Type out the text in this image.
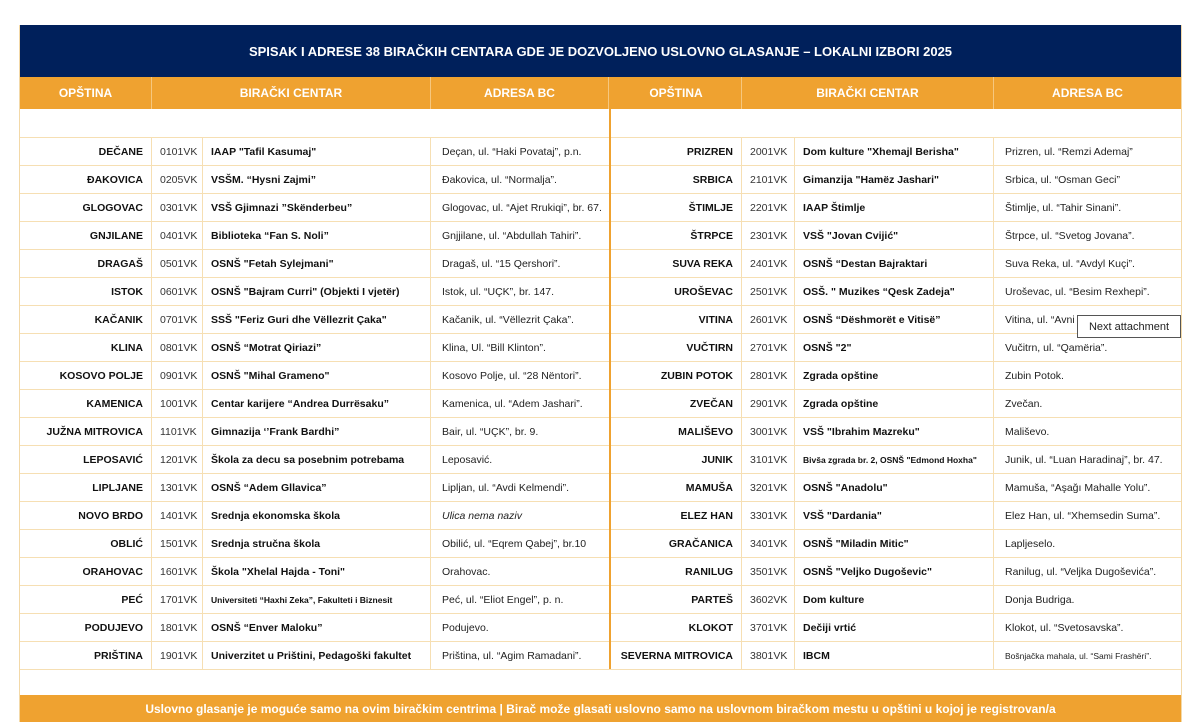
SPISAK I ADRESE 38 BIRAČKIH CENTARA GDE JE DOZVOLJENO USLOVNO GLASANJE – LOKALNI IZBORI 2025
OPŠTINA	BIRAČKI CENTAR	ADRESA BC	OPŠTINA	BIRAČKI CENTAR	ADRESA BC
DEČANE	0101VK	IAAP "Tafil Kasumaj"	Deçan, ul. “Haki Povataj”, p.n.
ĐAKOVICA	0205VK	VSŠM. “Hysni Zajmi”	Đakovica, ul. “Normalja”.
GLOGOVAC	0301VK	VSŠ Gjimnazi ”Skënderbeu”	Glogovac, ul. “Ajet Rrukiqi”, br. 67.
GNJILANE	0401VK	Biblioteka “Fan S. Noli”	Gnjjilane, ul. “Abdullah Tahiri”.
DRAGAŠ	0501VK	OSNŠ "Fetah Sylejmani"	Dragaš, ul. “15 Qershori”.
ISTOK	0601VK	OSNŠ "Bajram Curri" (Objekti I vjetër)	Istok, ul. “UÇK”, br. 147.
KAČANIK	0701VK	SSŠ "Feriz Guri dhe Vëllezrit Çaka"	Kačanik, ul. “Vëllezrit Çaka”.
KLINA	0801VK	OSNŠ “Motrat Qiriazi”	Klina, Ul. “Bill Klinton”.
KOSOVO POLJE	0901VK	OSNŠ "Mihal Grameno"	Kosovo Polje, ul. “28 Nëntori”.
KAMENICA	1001VK	Centar karijere “Andrea Durrësaku”	Kamenica, ul. “Adem Jashari”.
JUŽNA MITROVICA	1101VK	Gimnazija ‘’Frank Bardhi”	Bair, ul. “UÇK”, br. 9.
LEPOSAVIĆ	1201VK	Škola za decu sa posebnim potrebama	Leposavić.
LIPLJANE	1301VK	OSNŠ “Adem Gllavica”	Lipljan, ul. “Avdi Kelmendi”.
NOVO BRDO	1401VK	Srednja ekonomska škola	Ulica nema naziv
OBLIĆ	1501VK	Srednja stručna škola	Obilić, ul. “Eqrem Qabej”, br.10
ORAHOVAC	1601VK	Škola "Xhelal Hajda - Toni"	Orahovac.
PEĆ	1701VK	Universiteti “Haxhi Zeka”, Fakulteti i Biznesit	Peć, ul. “Eliot Engel”, p. n.
PODUJEVO	1801VK	OSNŠ “Enver Maloku”	Podujevo.
PRIŠTINA	1901VK	Univerzitet u Prištini, Pedagoški fakultet	Priština, ul. “Agim Ramadani”.
PRIZREN	2001VK	Dom kulture "Xhemajl Berisha"	Prizren, ul. “Remzi Ademaj”
SRBICA	2101VK	Gimanzija "Hamëz Jashari"	Srbica, ul. “Osman Geci”
ŠTIMLJE	2201VK	IAAP Štimlje	Štimlje, ul. “Tahir Sinani”.
ŠTRPCE	2301VK	VSŠ "Jovan Cvijić"	Štrpce, ul. “Svetog Jovana”.
SUVA REKA	2401VK	OSNŠ “Destan Bajraktari	Suva Reka, ul. “Avdyl Kuçi”.
UROŠEVAC	2501VK	OSŠ. " Muzikes “Qesk Zadeja"	Uroševac, ul. “Besim Rexhepi”.
VITINA	2601VK	OSNŠ “Dëshmorët e Vitisë”	Vitina, ul. “Avni
VUČTIRN	2701VK	OSNŠ "2"	Vučitrn, ul. “Qamëria”.
ZUBIN POTOK	2801VK	Zgrada opštine	Zubin Potok.
ZVEČAN	2901VK	Zgrada opštine	Zvečan.
MALIŠEVO	3001VK	VSŠ "Ibrahim Mazreku"	Mališevo.
JUNIK	3101VK	Bivša zgrada br. 2, OSNŠ "Edmond Hoxha"	Junik, ul. “Luan Haradinaj”, br. 47.
MAMUŠA	3201VK	OSNŠ "Anadolu"	Mamuša, “Aşağı Mahalle Yolu”.
ELEZ HAN	3301VK	VSŠ "Dardania"	Elez Han, ul. “Xhemsedin Suma”.
GRAČANICA	3401VK	OSNŠ "Miladin Mitic"	Lapljeselo.
RANILUG	3501VK	OSNŠ "Veljko Dugoševic"	Ranilug, ul. “Veljka Dugoševića”.
PARTEŠ	3602VK	Dom kulture	Donja Budriga.
KLOKOT	3701VK	Dečiji vrtić	Klokot, ul. “Svetosavska”.
SEVERNA MITROVICA	3801VK	IBCM	Bošnjačka mahala, ul. “Sami Frashëri”.
Uslovno glasanje je moguće samo na ovim biračkim centrima | Birač može glasati uslovno samo na uslovnom biračkom mestu u opštini u kojoj je registrovan/a
Next attachment
